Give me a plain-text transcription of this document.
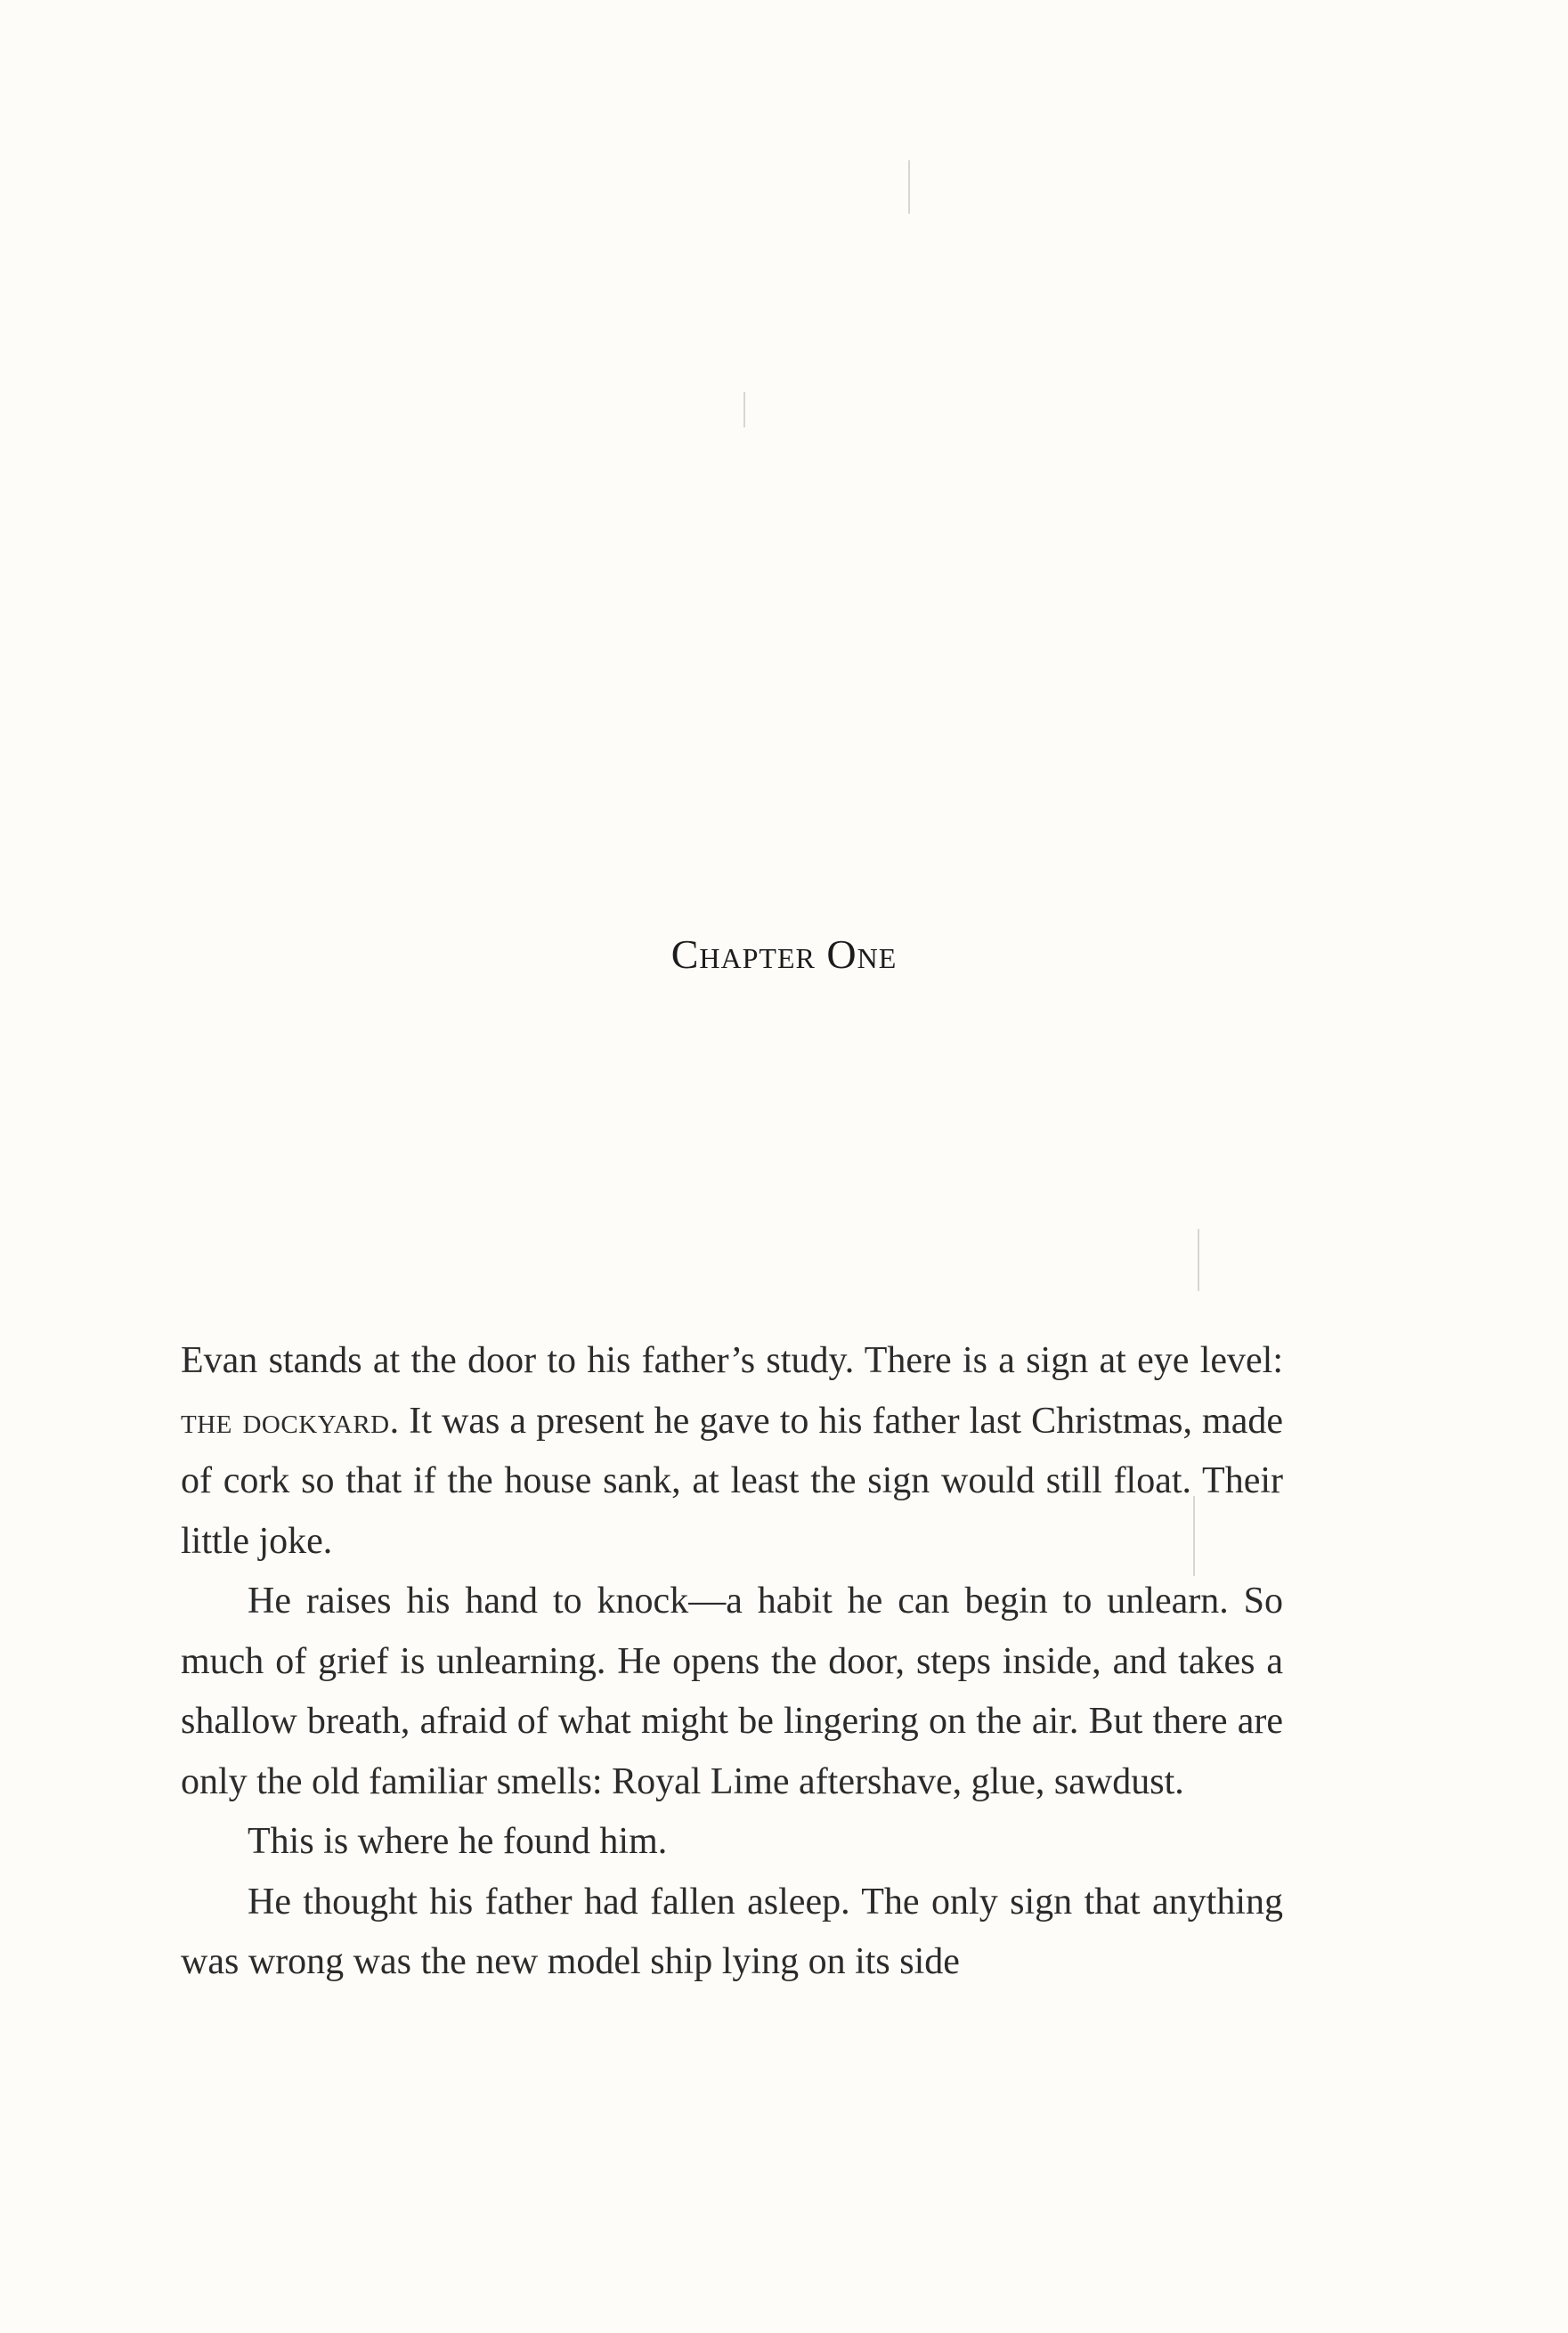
Chapter One

Evan stands at the door to his father’s study. There is a sign at eye level: the dockyard. It was a present he gave to his father last Christmas, made of cork so that if the house sank, at least the sign would still float. Their little joke.

He raises his hand to knock—a habit he can begin to unlearn. So much of grief is unlearning. He opens the door, steps inside, and takes a shallow breath, afraid of what might be lingering on the air. But there are only the old familiar smells: Royal Lime aftershave, glue, sawdust.

This is where he found him.

He thought his father had fallen asleep. The only sign that anything was wrong was the new model ship lying on its side
